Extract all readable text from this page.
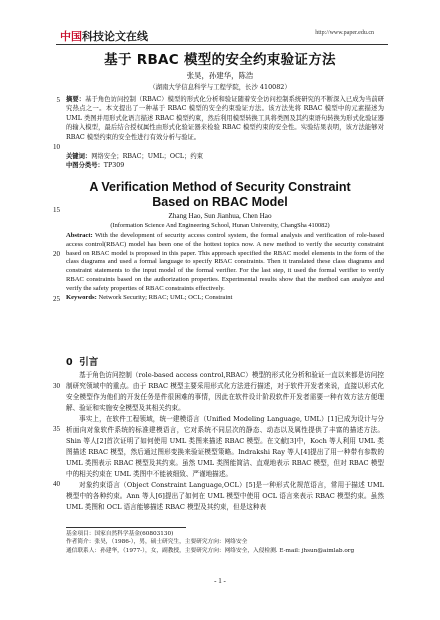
中国科技论文在线	http://www.paper.edu.cn
基于 RBAC 模型的安全约束验证方法
张昊，孙建华，陈浩
（湖南大学信息科学与工程学院，长沙 410082）
摘要：基于角色访问控制（RBAC）模型的形式化分析和验证随着安全访问控制系统研究的不断深入已成为当前研究热点之一。本文提出了一种基于 RBAC 模型的安全约束验证方法。该方法先将 RBAC 模型中的元素描述为 UML 类图并用形式化语言描述 RBAC 模型约束，然后利用模型转换工具将类图及其约束语句转换为形式化验证器的输入模型，最后结合授权属性由形式化验证器来检验 RBAC 模型约束的安全性。实验结果表明，该方法能够对 RBAC 模型约束的安全性进行有效分析与验证。
关键词：网络安全；RBAC；UML；OCL；约束
中图分类号：TP309
A Verification Method of Security Constraint Based on RBAC Model
Zhang Hao, Sun Jianhua, Chen Hao
(Information Science And Engineering School, Hunan University, ChangSha 410082)
Abstract: With the development of security access control system, the formal analysis and verification of role-based access control(RBAC) model has been one of the hottest topics now. A new method to verify the security constraint based on RBAC model is proposed in this paper. This approach specified the RBAC model elements in the form of the class diagrams and used a formal language to specify RBAC constraints. Then it translated these class diagrams and constraint statements to the input model of the formal verifier. For the last step, it used the formal verifier to verify RBAC constraints based on the authorization properties. Experimental results show that the method can analyze and verify the safety properties of RBAC constraints effectively.
Keywords: Network Security; RBAC; UML; OCL; Constraint
0 引言

基于角色访问控制（role-based access control,RBAC）模型的形式化分析和验证一直以来都是访问控制研究领域中的重点。由于 RBAC 模型主要采用形式化方法进行描述，对于软件开发者来说，直接以形式化安全模型作为他们的开发任务是件很困难的事情，因此在软件设计阶段软件开发者需要一种有效方法方便理解、验证和实施安全模型及其相关约束。

事实上，在软件工程领域，统一建模语言（Unified Modeling Language, UML）[1]已成为设计与分析面向对象软件系统的标准建模语言，它对系统不同层次的静态、动态以及属性提供了丰富的描述方法。Shin 等人[2]首次证明了如何使用 UML 类图来描述 RBAC 模型。在文献[3]中，Koch 等人利用 UML 类图描述 RBAC 模型，然后通过图形变换来验证模型策略。Indrakshi Ray 等人[4]提出了用一种带有参数的 UML 类图表示 RBAC 模型及其约束。虽然 UML 类图能简洁、直观地表示 RBAC 模型，但对 RBAC 模型中的相关约束在 UML 类图中不能被细致、严谨地描述。

对象约束语言（Object Constraint Language,OCL）[5]是一种形式化规范语言，常用于描述 UML 模型中的各种约束。Ann 等人[6]提出了如何在 UML 模型中使用 OCL 语言来表示 RBAC 模型约束。虽然 UML 类图和 OCL 语言能够描述 RBAC 模型及其约束，但是这种表

基金项目：国家自然科学基金(60803130)
作者简介：张昊，（1986-），男，硕士研究生，主要研究方向：网络安全
通信联系人：孙建华，（1977-），女，副教授，主要研究方向：网络安全，入侵检测. E-mail: jhsun@aimlab.org
5
10
15
20
25
30
35
40
- 1 -
